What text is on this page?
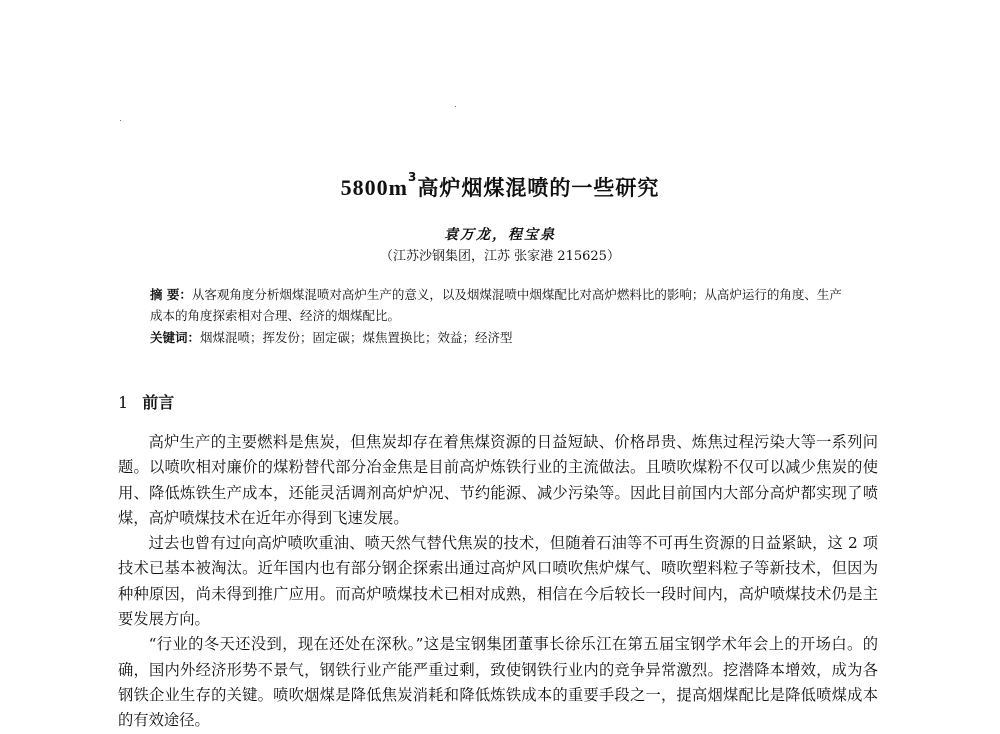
$5800m^3$高炉烟煤混喷的一些研究
袁万龙，程宝泉
（江苏沙钢集团，江苏 张家港 215625）
摘 要：从客观角度分析烟煤混喷对高炉生产的意义，以及烟煤混喷中烟煤配比对高炉燃料比的影响；从高炉运行的角度、生产成本的角度探索相对合理、经济的烟煤配比。
关键词：烟煤混喷；挥发份；固定碳；煤焦置换比；效益；经济型
1 前言

高炉生产的主要燃料是焦炭，但焦炭却存在着焦煤资源的日益短缺、价格昂贵、炼焦过程污染大等一系列问题。以喷吹相对廉价的煤粉替代部分冶金焦是目前高炉炼铁行业的主流做法。且喷吹煤粉不仅可以减少焦炭的使用、降低炼铁生产成本，还能灵活调剂高炉炉况、节约能源、减少污染等。因此目前国内大部分高炉都实现了喷煤，高炉喷煤技术在近年亦得到飞速发展。

过去也曾有过向高炉喷吹重油、喷天然气替代焦炭的技术，但随着石油等不可再生资源的日益紧缺，这 2 项技术已基本被淘汰。近年国内也有部分钢企探索出通过高炉风口喷吹焦炉煤气、喷吹塑料粒子等新技术，但因为种种原因，尚未得到推广应用。而高炉喷煤技术已相对成熟，相信在今后较长一段时间内，高炉喷煤技术仍是主要发展方向。

“行业的冬天还没到，现在还处在深秋。”这是宝钢集团董事长徐乐江在第五届宝钢学术年会上的开场白。的确，国内外经济形势不景气，钢铁行业产能严重过剩，致使钢铁行业内的竞争异常激烈。挖潜降本增效，成为各钢铁企业生存的关键。喷吹烟煤是降低焦炭消耗和降低炼铁成本的重要手段之一，提高烟煤配比是降低喷煤成本的有效途径。
